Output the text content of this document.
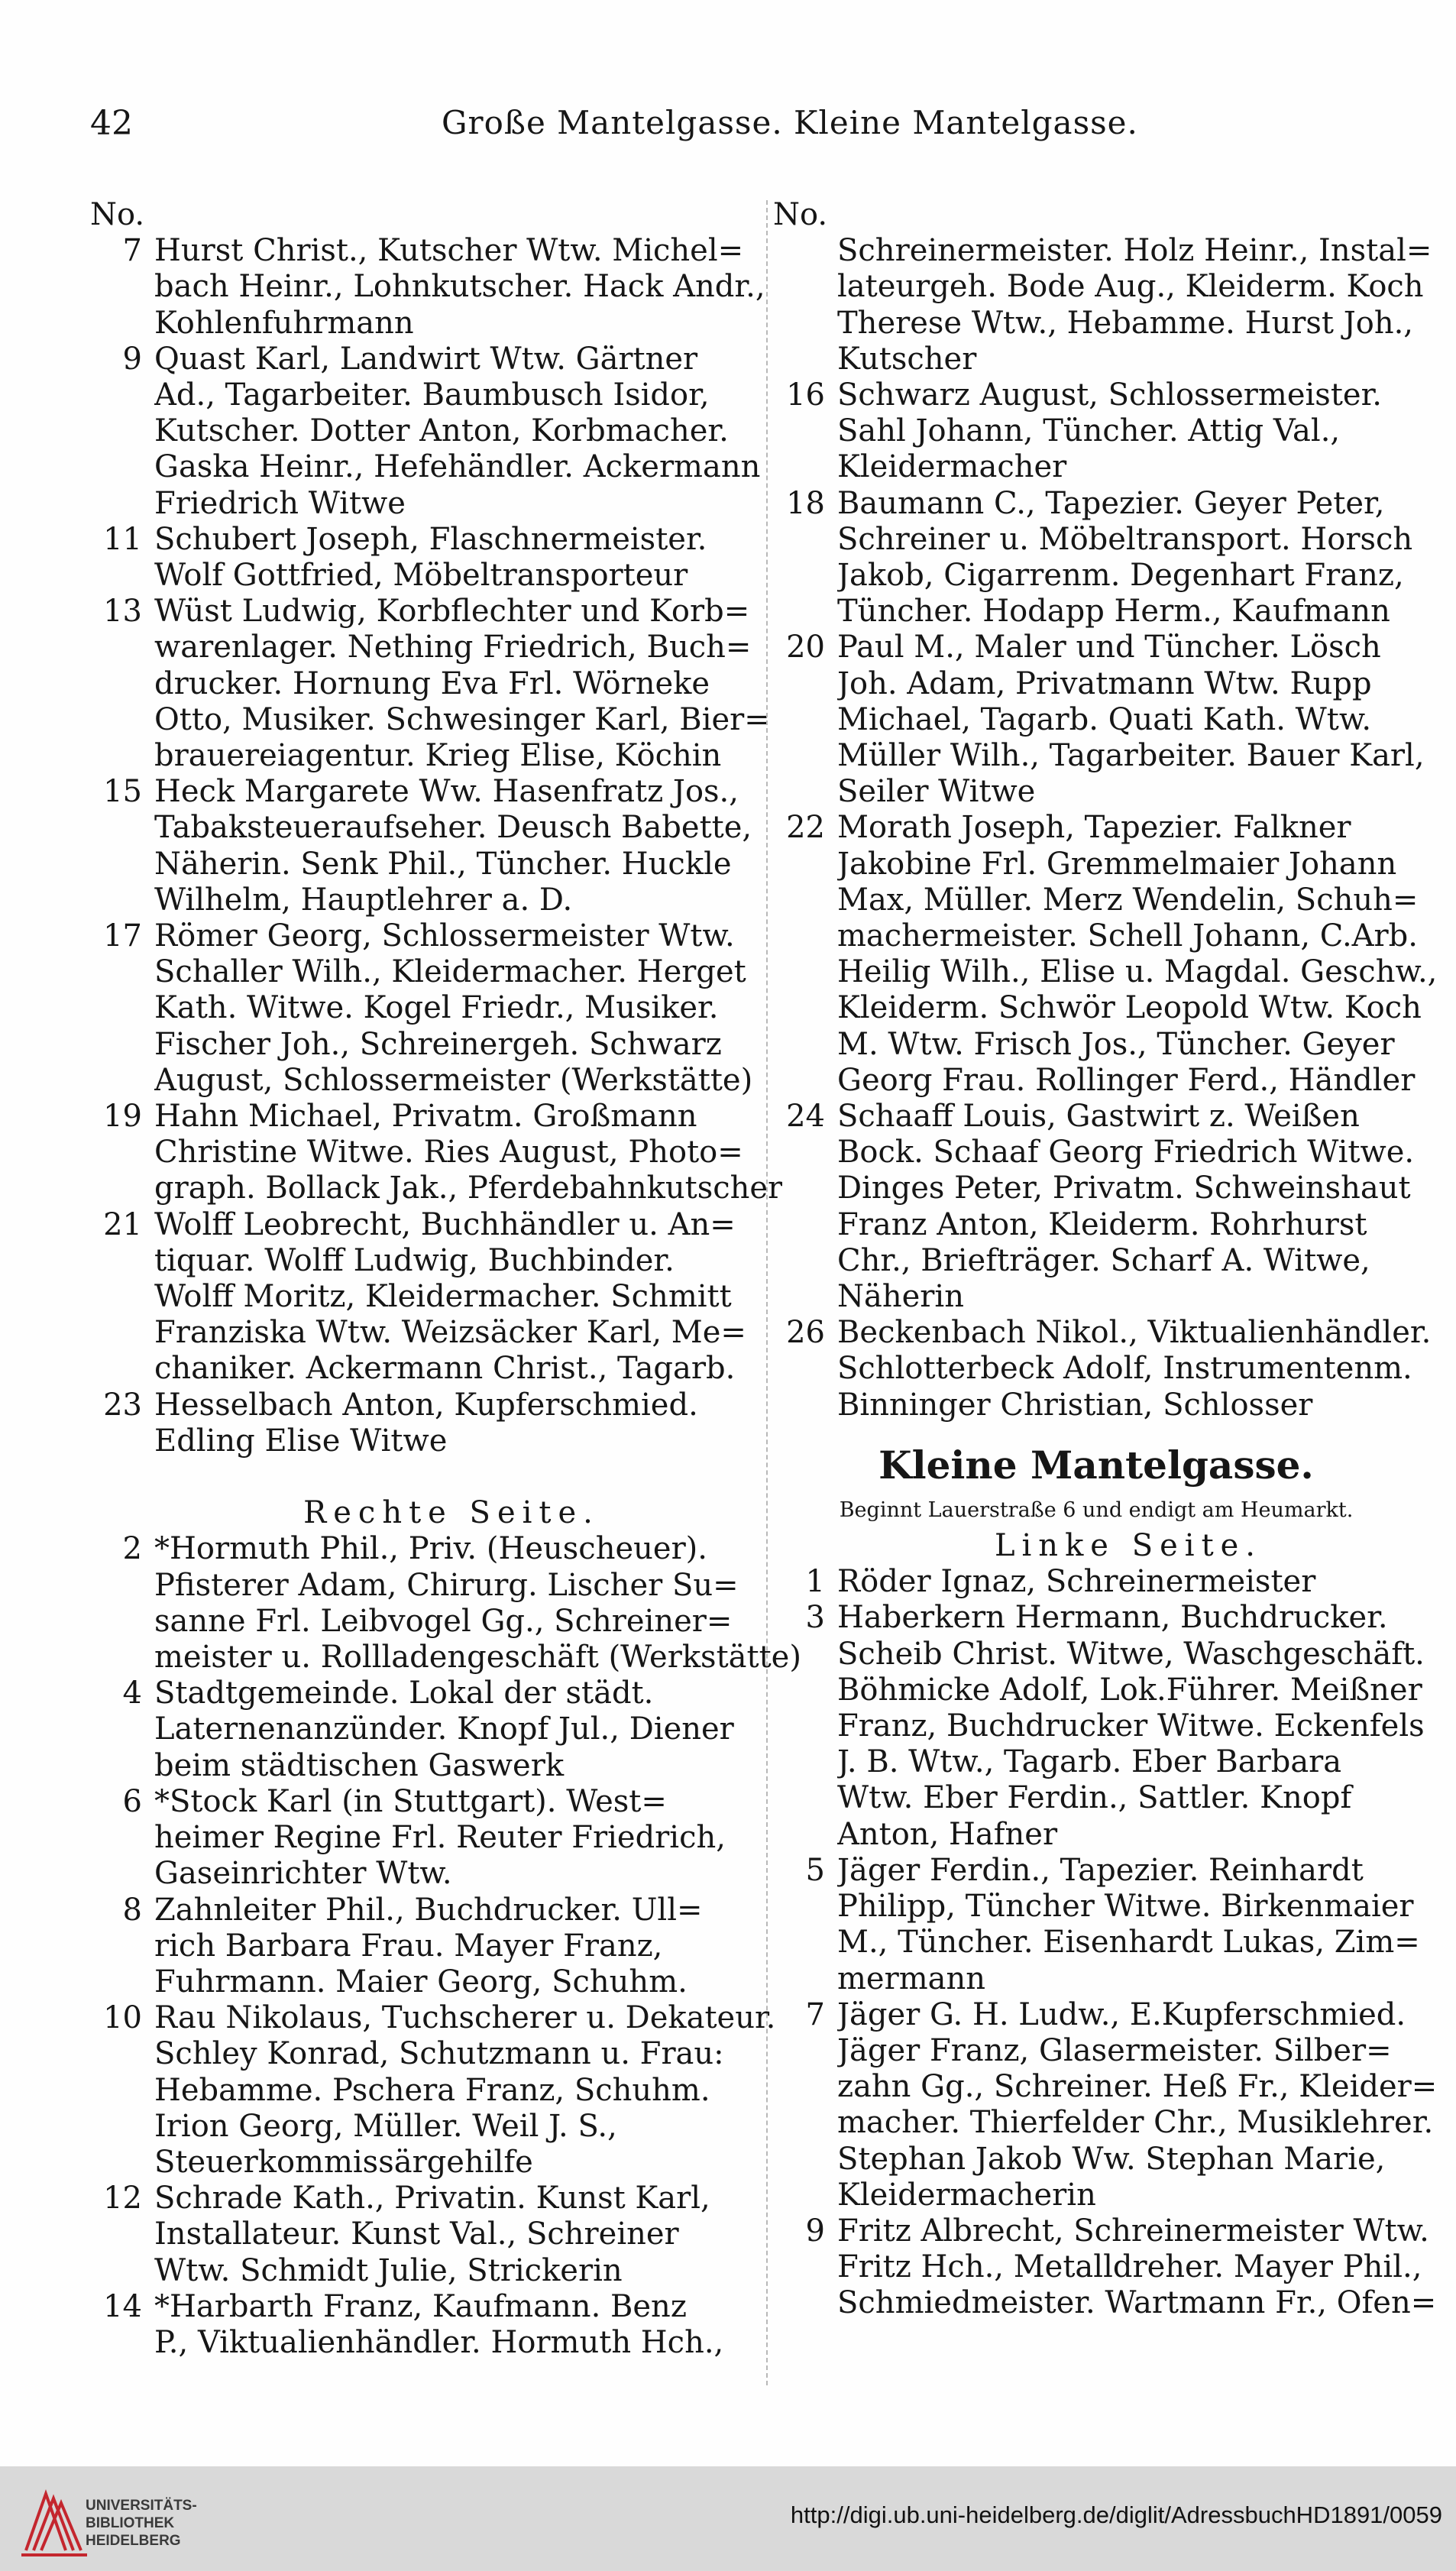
42	Große Mantelgasse. Kleine Mantelgasse.
No.
7 Hurst Christ., Kutscher Wtw. Michel=
bach Heinr., Lohnkutscher. Hack Andr.,
Kohlenfuhrmann
9 Quast Karl, Landwirt Wtw. Gärtner
Ad., Tagarbeiter. Baumbusch Isidor,
Kutscher. Dotter Anton, Korbmacher.
Gaska Heinr., Hefehändler. Ackermann
Friedrich Witwe
11 Schubert Joseph, Flaschnermeister.
Wolf Gottfried, Möbeltransporteur
13 Wüst Ludwig, Korbflechter und Korb=
warenlager. Nething Friedrich, Buch=
drucker. Hornung Eva Frl. Wörneke
Otto, Musiker. Schwesinger Karl, Bier=
brauereiagentur. Krieg Elise, Köchin
15 Heck Margarete Ww. Hasenfratz Jos.,
Tabaksteueraufseher. Deusch Babette,
Näherin. Senk Phil., Tüncher. Huckle
Wilhelm, Hauptlehrer a. D.
17 Römer Georg, Schlossermeister Wtw.
Schaller Wilh., Kleidermacher. Herget
Kath. Witwe. Kogel Friedr., Musiker.
Fischer Joh., Schreinergeh. Schwarz
August, Schlossermeister (Werkstätte)
19 Hahn Michael, Privatm. Großmann
Christine Witwe. Ries August, Photo=
graph. Bollack Jak., Pferdebahnkutscher
21 Wolff Leobrecht, Buchhändler u. An=
tiquar. Wolff Ludwig, Buchbinder.
Wolff Moritz, Kleidermacher. Schmitt
Franziska Wtw. Weizsäcker Karl, Me=
chaniker. Ackermann Christ., Tagarb.
23 Hesselbach Anton, Kupferschmied.
Edling Elise Witwe
Rechte Seite.
2 *Hormuth Phil., Priv. (Heuscheuer).
Pfisterer Adam, Chirurg. Lischer Su=
sanne Frl. Leibvogel Gg., Schreiner=
meister u. Rollladengeschäft (Werkstätte)
4 Stadtgemeinde. Lokal der städt.
Laternenanzünder. Knopf Jul., Diener
beim städtischen Gaswerk
6 *Stock Karl (in Stuttgart). West=
heimer Regine Frl. Reuter Friedrich,
Gaseinrichter Wtw.
8 Zahnleiter Phil., Buchdrucker. Ull=
rich Barbara Frau. Mayer Franz,
Fuhrmann. Maier Georg, Schuhm.
10 Rau Nikolaus, Tuchscherer u. Dekateur.
Schley Konrad, Schutzmann u. Frau:
Hebamme. Pschera Franz, Schuhm.
Irion Georg, Müller. Weil J. S.,
Steuerkommissärgehilfe
12 Schrade Kath., Privatin. Kunst Karl,
Installateur. Kunst Val., Schreiner
Wtw. Schmidt Julie, Strickerin
14 *Harbarth Franz, Kaufmann. Benz
P., Viktualienhändler. Hormuth Hch.,
No.
Schreinermeister. Holz Heinr., Instal=
lateurgeh. Bode Aug., Kleiderm. Koch
Therese Wtw., Hebamme. Hurst Joh.,
Kutscher
16 Schwarz August, Schlossermeister.
Sahl Johann, Tüncher. Attig Val.,
Kleidermacher
18 Baumann C., Tapezier. Geyer Peter,
Schreiner u. Möbeltransport. Horsch
Jakob, Cigarrenm. Degenhart Franz,
Tüncher. Hodapp Herm., Kaufmann
20 Paul M., Maler und Tüncher. Lösch
Joh. Adam, Privatmann Wtw. Rupp
Michael, Tagarb. Quati Kath. Wtw.
Müller Wilh., Tagarbeiter. Bauer Karl,
Seiler Witwe
22 Morath Joseph, Tapezier. Falkner
Jakobine Frl. Gremmelmaier Johann
Max, Müller. Merz Wendelin, Schuh=
machermeister. Schell Johann, C.Arb.
Heilig Wilh., Elise u. Magdal. Geschw.,
Kleiderm. Schwör Leopold Wtw. Koch
M. Wtw. Frisch Jos., Tüncher. Geyer
Georg Frau. Rollinger Ferd., Händler
24 Schaaff Louis, Gastwirt z. Weißen
Bock. Schaaf Georg Friedrich Witwe.
Dinges Peter, Privatm. Schweinshaut
Franz Anton, Kleiderm. Rohrhurst
Chr., Briefträger. Scharf A. Witwe,
Näherin
26 Beckenbach Nikol., Viktualienhändler.
Schlotterbeck Adolf, Instrumentenm.
Binninger Christian, Schlosser
Kleine Mantelgasse.
Beginnt Lauerstraße 6 und endigt am Heumarkt.
Linke Seite.
1 Röder Ignaz, Schreinermeister
3 Haberkern Hermann, Buchdrucker.
Scheib Christ. Witwe, Waschgeschäft.
Böhmicke Adolf, Lok.Führer. Meißner
Franz, Buchdrucker Witwe. Eckenfels
J. B. Wtw., Tagarb. Eber Barbara
Wtw. Eber Ferdin., Sattler. Knopf
Anton, Hafner
5 Jäger Ferdin., Tapezier. Reinhardt
Philipp, Tüncher Witwe. Birkenmaier
M., Tüncher. Eisenhardt Lukas, Zim=
mermann
7 Jäger G. H. Ludw., E.Kupferschmied.
Jäger Franz, Glasermeister. Silber=
zahn Gg., Schreiner. Heß Fr., Kleider=
macher. Thierfelder Chr., Musiklehrer.
Stephan Jakob Ww. Stephan Marie,
Kleidermacherin
9 Fritz Albrecht, Schreinermeister Wtw.
Fritz Hch., Metalldreher. Mayer Phil.,
Schmiedmeister. Wartmann Fr., Ofen=
UNIVERSITÄTS-
BIBLIOTHEK
HEIDELBERG
http://digi.ub.uni-heidelberg.de/diglit/AdressbuchHD1891/0059
